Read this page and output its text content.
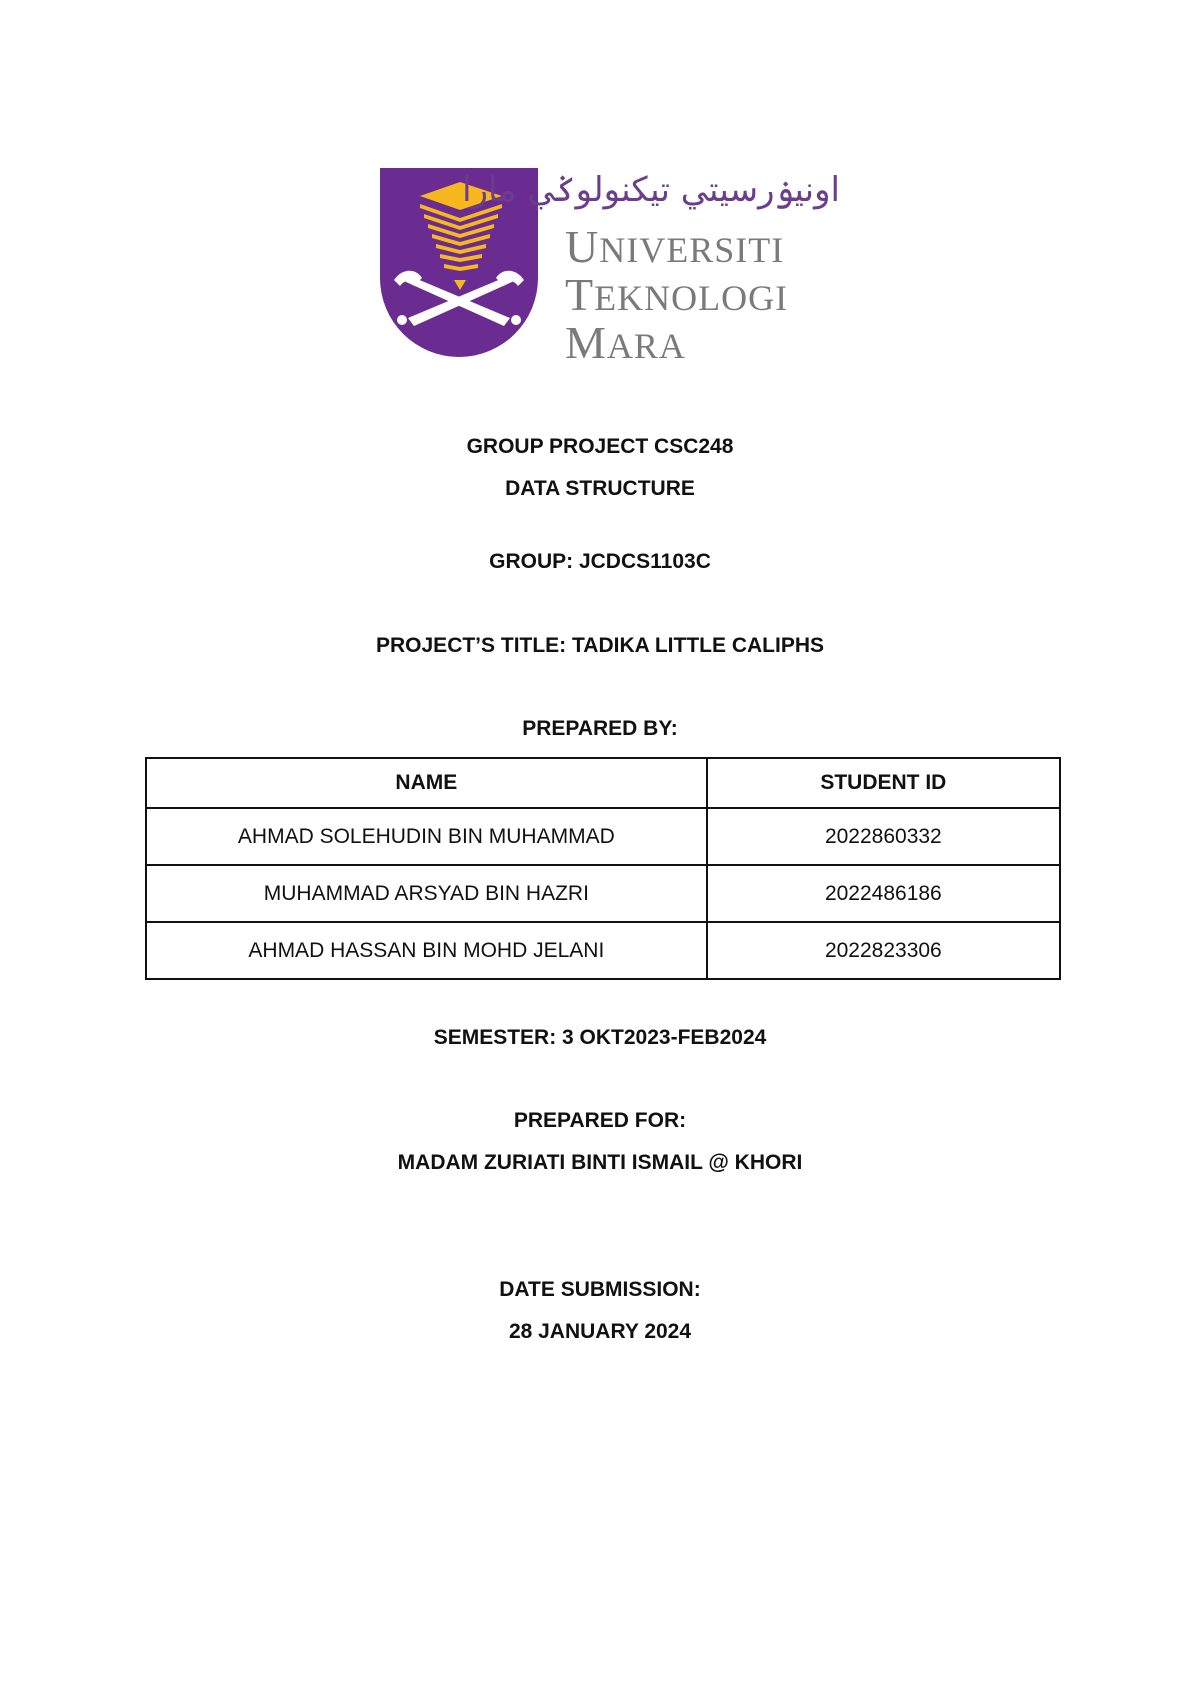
اونيۏرسيتي تيكنولوݢي مارا
UNIVERSITI
TEKNOLOGI
MARA
GROUP PROJECT CSC248
DATA STRUCTURE
GROUP: JCDCS1103C
PROJECT’S TITLE: TADIKA LITTLE CALIPHS
PREPARED BY:
NAME	STUDENT ID
AHMAD SOLEHUDIN BIN MUHAMMAD	2022860332
MUHAMMAD ARSYAD BIN HAZRI	2022486186
AHMAD HASSAN BIN MOHD JELANI	2022823306
SEMESTER: 3 OKT2023-FEB2024
PREPARED FOR:
MADAM ZURIATI BINTI ISMAIL @ KHORI
DATE SUBMISSION:
28 JANUARY 2024
